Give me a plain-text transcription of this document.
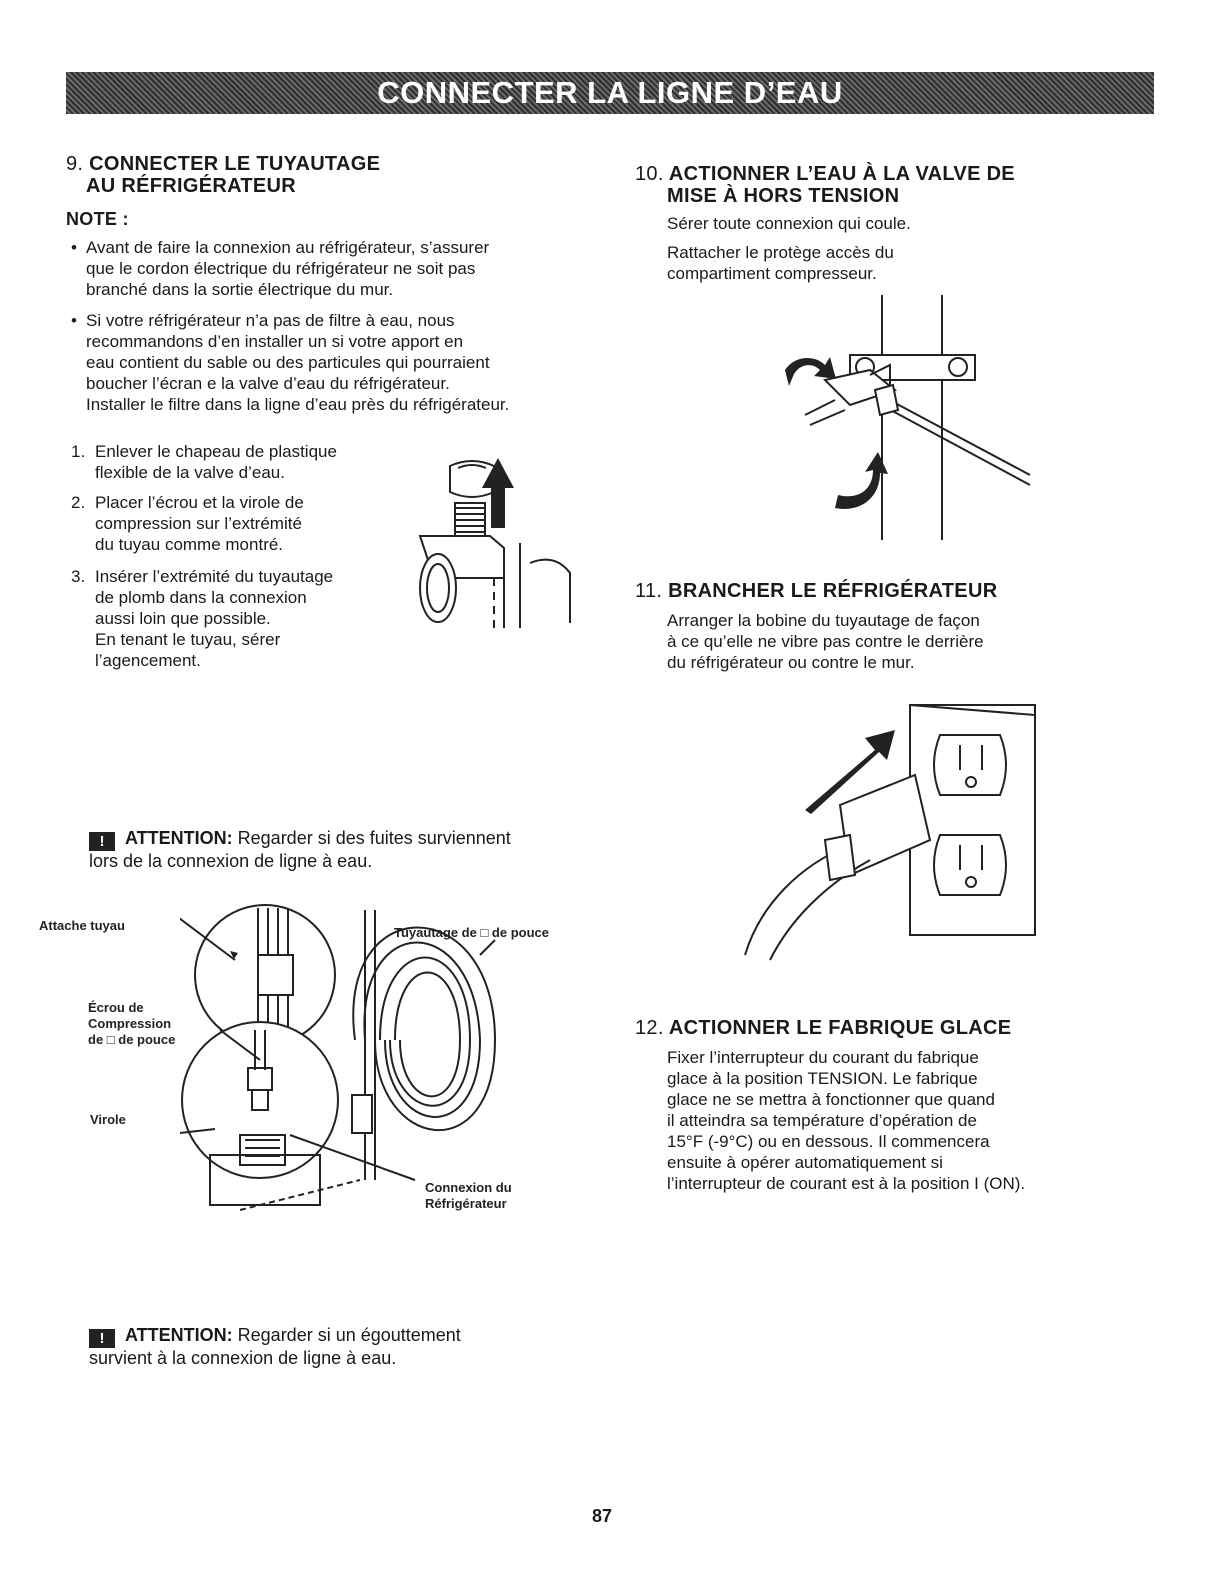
CONNECTER LA LIGNE D’EAU
9. CONNECTER LE TUYAUTAGE
AU RÉFRIGÉRATEUR
NOTE :
• Avant de faire la connexion au réfrigérateur, s’assurer
que le cordon électrique du réfrigérateur ne soit pas
branché dans la sortie électrique du mur.
• Si votre réfrigérateur n’a pas de filtre à eau, nous
recommandons d’en installer un si votre apport en
eau contient du sable ou des particules qui pourraient
boucher l’écran e la valve d’eau du réfrigérateur.
Installer le filtre dans la ligne d’eau près du réfrigérateur.
1. Enlever le chapeau de plastique
flexible de la valve d’eau.
2. Placer l’écrou et la virole de
compression sur l’extrémité
du tuyau comme montré.
3. Insérer l’extrémité du tuyautage
de plomb dans la connexion
aussi loin que possible.
En tenant le tuyau, sérer
l’agencement.
! ATTENTION: Regarder si des fuites surviennent
lors de la connexion de ligne à eau.
Attache tuyau	Tuyautage de □ de pouce
Écrou de
Compression
de □ de pouce
Virole
Connexion du
Réfrigérateur
! ATTENTION: Regarder si un égouttement
survient à la connexion de ligne à eau.
10. ACTIONNER L’EAU À LA VALVE DE
MISE À HORS TENSION
Sérer toute connexion qui coule.
Rattacher le protège accès du
compartiment compresseur.
11. BRANCHER LE RÉFRIGÉRATEUR
Arranger la bobine du tuyautage de façon
à ce qu’elle ne vibre pas contre le derrière
du réfrigérateur ou contre le mur.
12. ACTIONNER LE FABRIQUE GLACE
Fixer l’interrupteur du courant du fabrique
glace à la position TENSION. Le fabrique
glace ne se mettra à fonctionner que quand
il atteindra sa température d’opération de
15°F (-9°C) ou en dessous. Il commencera
ensuite à opérer automatiquement si
l’interrupteur de courant est à la position I (ON).
87
